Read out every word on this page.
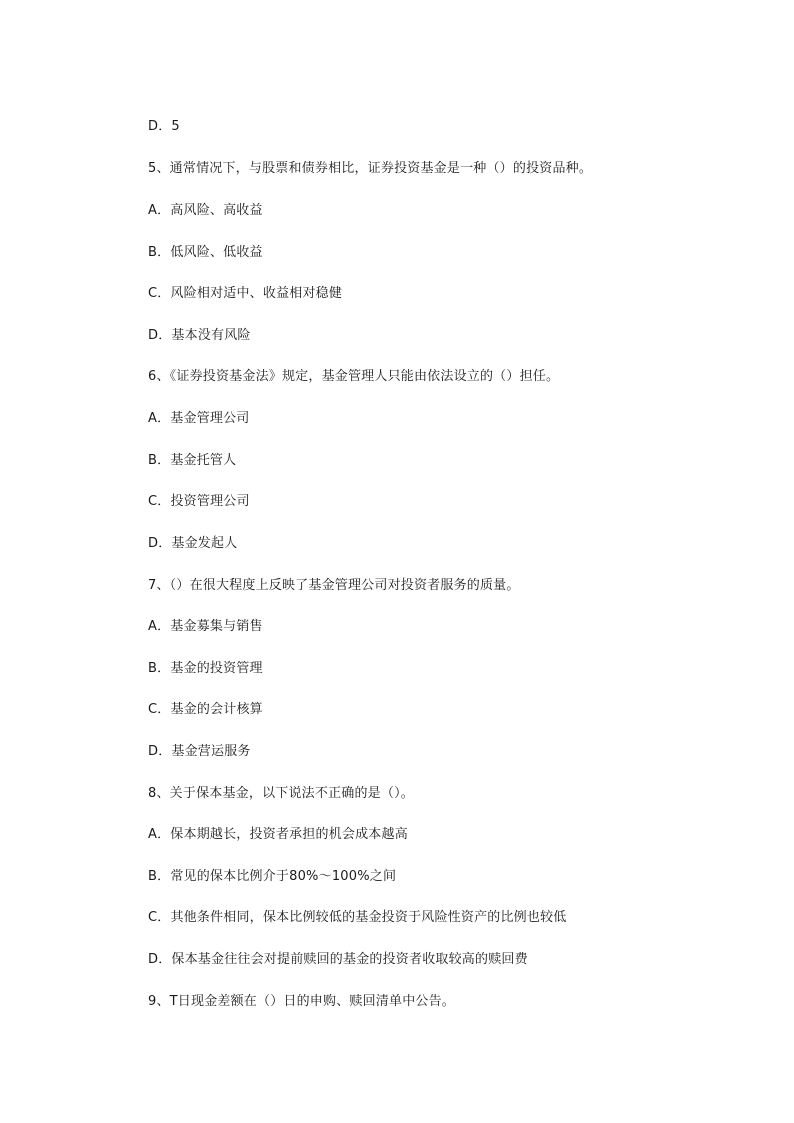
D．5
5、通常情况下，与股票和债券相比，证券投资基金是一种（）的投资品种。
A．高风险、高收益
B．低风险、低收益
C．风险相对适中、收益相对稳健
D．基本没有风险
6、《证券投资基金法》规定，基金管理人只能由依法设立的（）担任。
A．基金管理公司
B．基金托管人
C．投资管理公司
D．基金发起人
7、（）在很大程度上反映了基金管理公司对投资者服务的质量。
A．基金募集与销售
B．基金的投资管理
C．基金的会计核算
D．基金营运服务
8、关于保本基金，以下说法不正确的是（）。
A．保本期越长，投资者承担的机会成本越高
B．常见的保本比例介于80%～100%之间
C．其他条件相同，保本比例较低的基金投资于风险性资产的比例也较低
D．保本基金往往会对提前赎回的基金的投资者收取较高的赎回费
9、T日现金差额在（）日的申购、赎回清单中公告。
